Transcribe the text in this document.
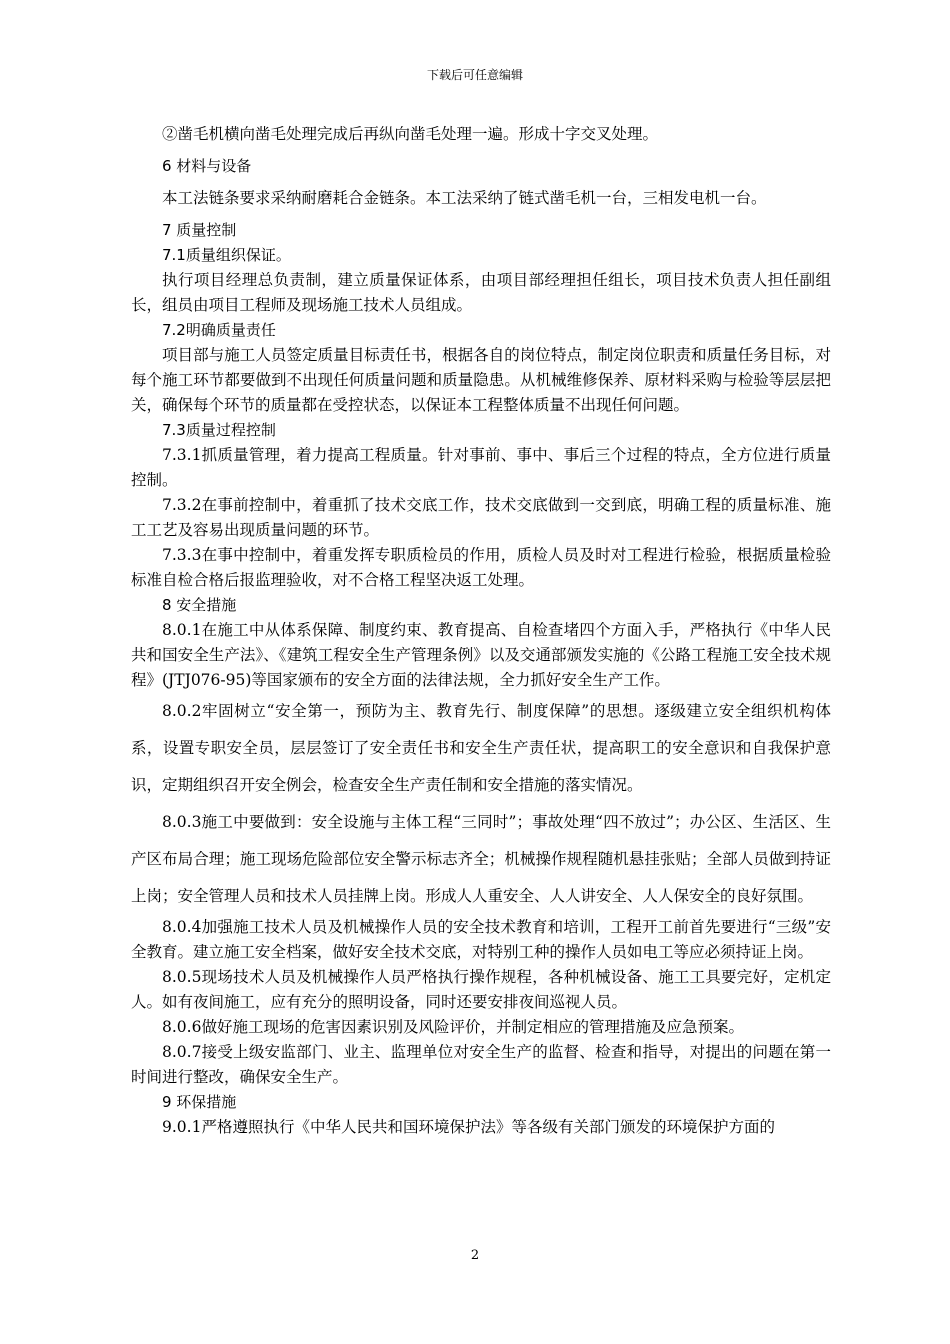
下载后可任意编辑

②凿毛机横向凿毛处理完成后再纵向凿毛处理一遍。形成十字交叉处理。

6 材料与设备

本工法链条要求采纳耐磨耗合金链条。本工法采纳了链式凿毛机一台，三相发电机一台。

7 质量控制
7.1质量组织保证。

执行项目经理总负责制，建立质量保证体系，由项目部经理担任组长，项目技术负责人担任副组长，组员由项目工程师及现场施工技术人员组成。

7.2明确质量责任

项目部与施工人员签定质量目标责任书，根据各自的岗位特点，制定岗位职责和质量任务目标，对每个施工环节都要做到不出现任何质量问题和质量隐患。从机械维修保养、原材料采购与检验等层层把关，确保每个环节的质量都在受控状态，以保证本工程整体质量不出现任何问题。

7.3质量过程控制

7.3.1抓质量管理，着力提高工程质量。针对事前、事中、事后三个过程的特点，全方位进行质量控制。

7.3.2在事前控制中，着重抓了技术交底工作，技术交底做到一交到底，明确工程的质量标准、施工工艺及容易出现质量问题的环节。

7.3.3在事中控制中，着重发挥专职质检员的作用，质检人员及时对工程进行检验，根据质量检验标准自检合格后报监理验收，对不合格工程坚决返工处理。

8 安全措施

8.0.1在施工中从体系保障、制度约束、教育提高、自检查堵四个方面入手，严格执行《中华人民共和国安全生产法》、《建筑工程安全生产管理条例》以及交通部颁发实施的《公路工程施工安全技术规程》(JTJ076-95)等国家颁布的安全方面的法律法规，全力抓好安全生产工作。

8.0.2牢固树立“安全第一，预防为主、教育先行、制度保障”的思想。逐级建立安全组织机构体系，设置专职安全员，层层签订了安全责任书和安全生产责任状，提高职工的安全意识和自我保护意识，定期组织召开安全例会，检查安全生产责任制和安全措施的落实情况。

8.0.3施工中要做到：安全设施与主体工程“三同时”；事故处理“四不放过”；办公区、生活区、生产区布局合理；施工现场危险部位安全警示标志齐全；机械操作规程随机悬挂张贴；全部人员做到持证上岗；安全管理人员和技术人员挂牌上岗。形成人人重安全、人人讲安全、人人保安全的良好氛围。

8.0.4加强施工技术人员及机械操作人员的安全技术教育和培训，工程开工前首先要进行“三级”安全教育。建立施工安全档案，做好安全技术交底，对特别工种的操作人员如电工等应必须持证上岗。

8.0.5现场技术人员及机械操作人员严格执行操作规程，各种机械设备、施工工具要完好，定机定人。如有夜间施工，应有充分的照明设备，同时还要安排夜间巡视人员。

8.0.6做好施工现场的危害因素识别及风险评价，并制定相应的管理措施及应急预案。

8.0.7接受上级安监部门、业主、监理单位对安全生产的监督、检查和指导，对提出的问题在第一时间进行整改，确保安全生产。

9 环保措施

9.0.1严格遵照执行《中华人民共和国环境保护法》等各级有关部门颁发的环境保护方面的

2
